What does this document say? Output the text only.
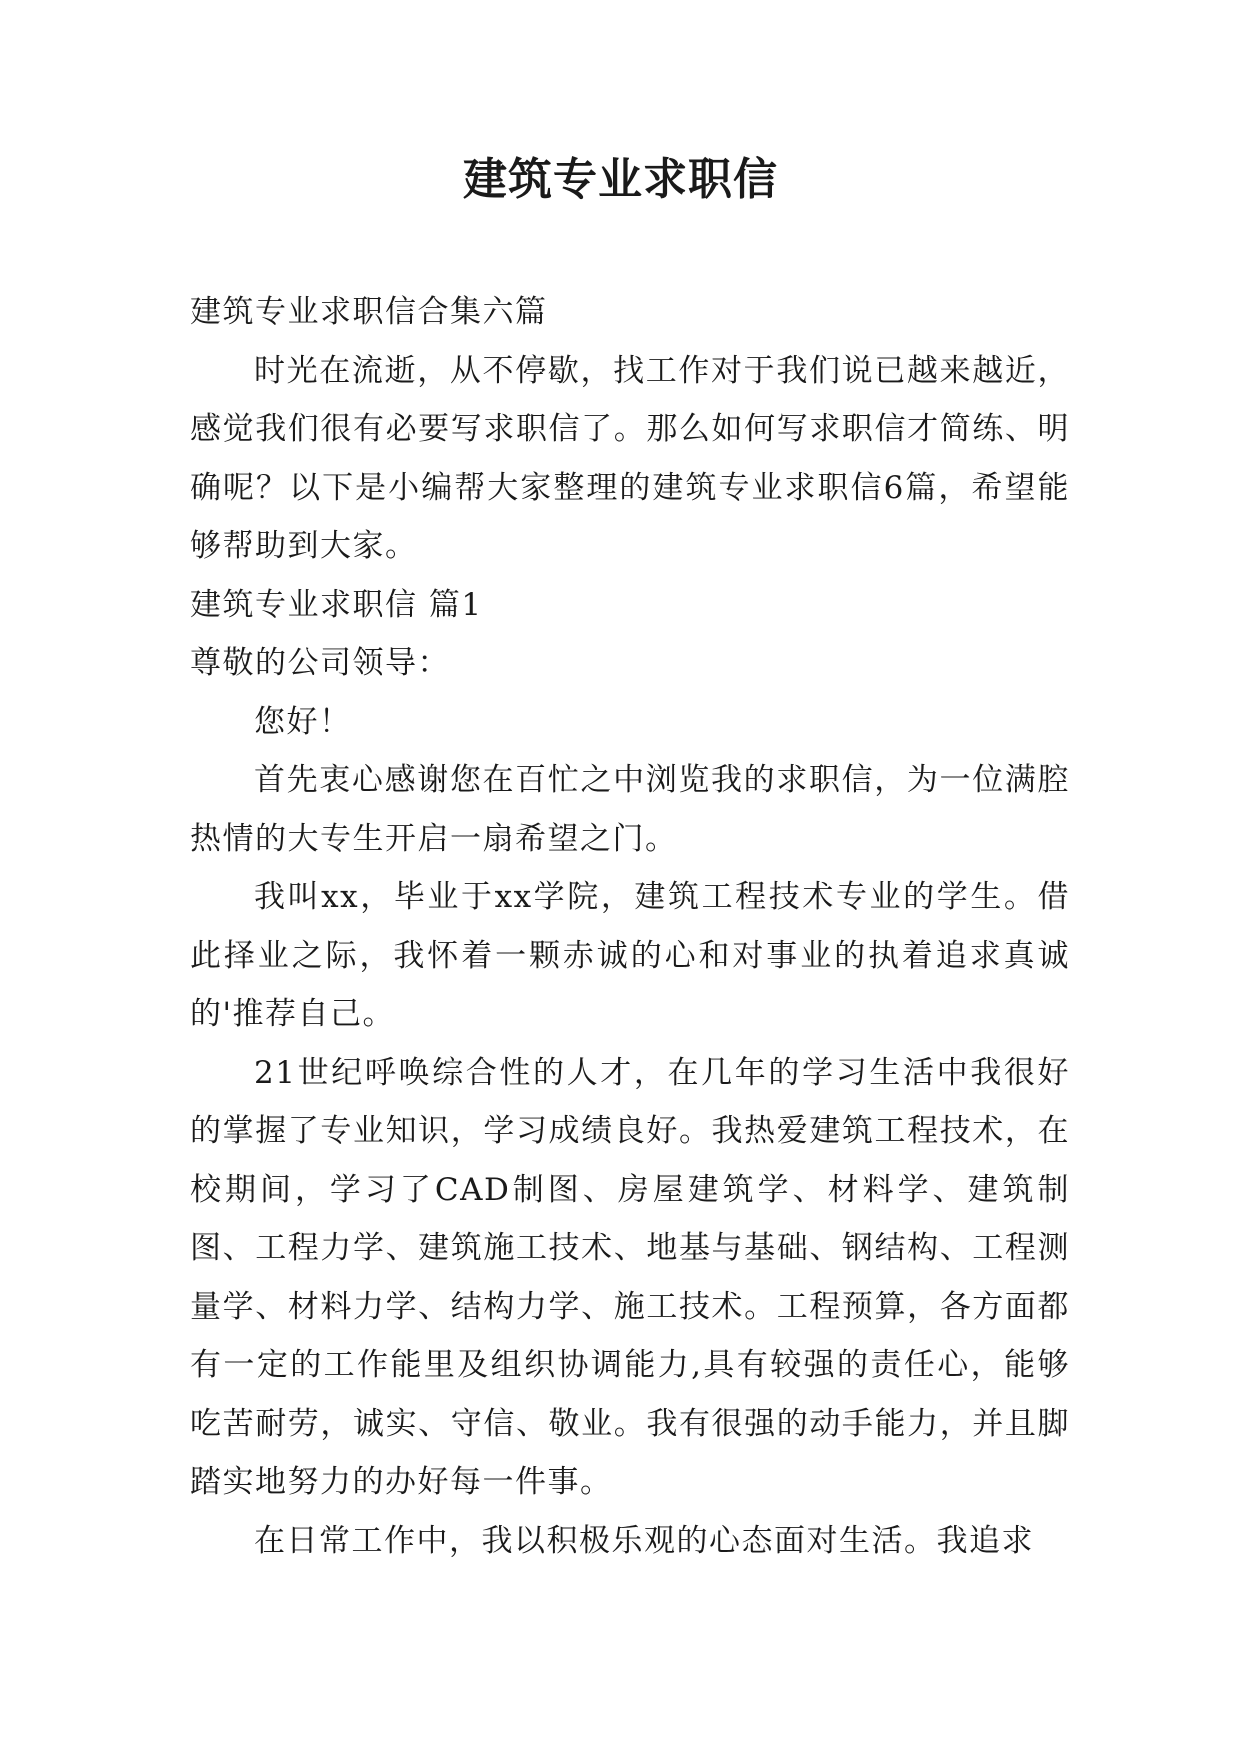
建筑专业求职信

建筑专业求职信合集六篇

时光在流逝，从不停歇，找工作对于我们说已越来越近，感觉我们很有必要写求职信了。那么如何写求职信才简练、明确呢？以下是小编帮大家整理的建筑专业求职信6篇，希望能够帮助到大家。

建筑专业求职信 篇1

尊敬的公司领导：

您好！

首先衷心感谢您在百忙之中浏览我的求职信，为一位满腔热情的大专生开启一扇希望之门。

我叫xx，毕业于xx学院，建筑工程技术专业的学生。借此择业之际，我怀着一颗赤诚的心和对事业的执着追求真诚的'推荐自己。

21世纪呼唤综合性的人才，在几年的学习生活中我很好的掌握了专业知识，学习成绩良好。我热爱建筑工程技术，在校期间，学习了CAD制图、房屋建筑学、材料学、建筑制图、工程力学、建筑施工技术、地基与基础、钢结构、工程测量学、材料力学、结构力学、施工技术。工程预算，各方面都有一定的工作能里及组织协调能力,具有较强的责任心，能够吃苦耐劳，诚实、守信、敬业。我有很强的动手能力，并且脚踏实地努力的办好每一件事。

在日常工作中，我以积极乐观的心态面对生活。我追求
